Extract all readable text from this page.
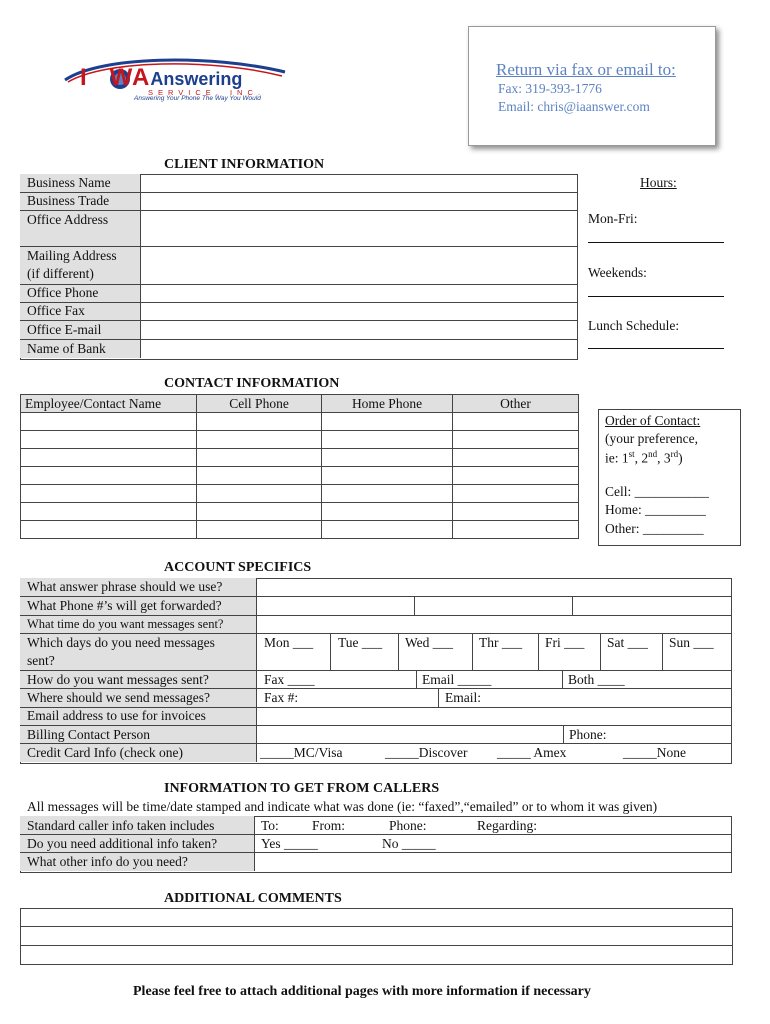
I WAAnswering
SERVICE, INC.
Answering Your Phone The Way You Would
Return via fax or email to:
Fax: 319-393-1776
Email: chris@iaanswer.com
CLIENT INFORMATION
Business Name
Business Trade
Office Address
Mailing Address
(if different)
Office Phone
Office Fax
Office E-mail
Name of Bank
Hours:
Mon-Fri:
Weekends:
Lunch Schedule:
CONTACT INFORMATION
Employee/Contact Name	Cell Phone	Home Phone	Other

Order of Contact:
(your preference,
ie: 1st, 2nd, 3rd)
Cell: ___________
Home: _________
Other: _________
ACCOUNT SPECIFICS
What answer phrase should we use?
What Phone #’s will get forwarded?
What time do you want messages sent?
Which days do you need messages
sent?
Mon ___ Tue ___ Wed ___ Thr ___ Fri ___ Sat ___ Sun ___
How do you want messages sent?	Fax ____	Email _____	Both ____
Where should we send messages?	Fax #:	Email:
Email address to use for invoices
Billing Contact Person	Phone:
Credit Card Info (check one)	_____MC/Visa	_____Discover _____ Amex	_____None
INFORMATION TO GET FROM CALLERS
All messages will be time/date stamped and indicate what was done (ie: “faxed”,“emailed” or to whom it was given)
Standard caller info taken includes	To: From:	Phone:	Regarding:
Do you need additional info taken?	Yes _____	No _____
What other info do you need?
ADDITIONAL COMMENTS
Please feel free to attach additional pages with more information if necessary
